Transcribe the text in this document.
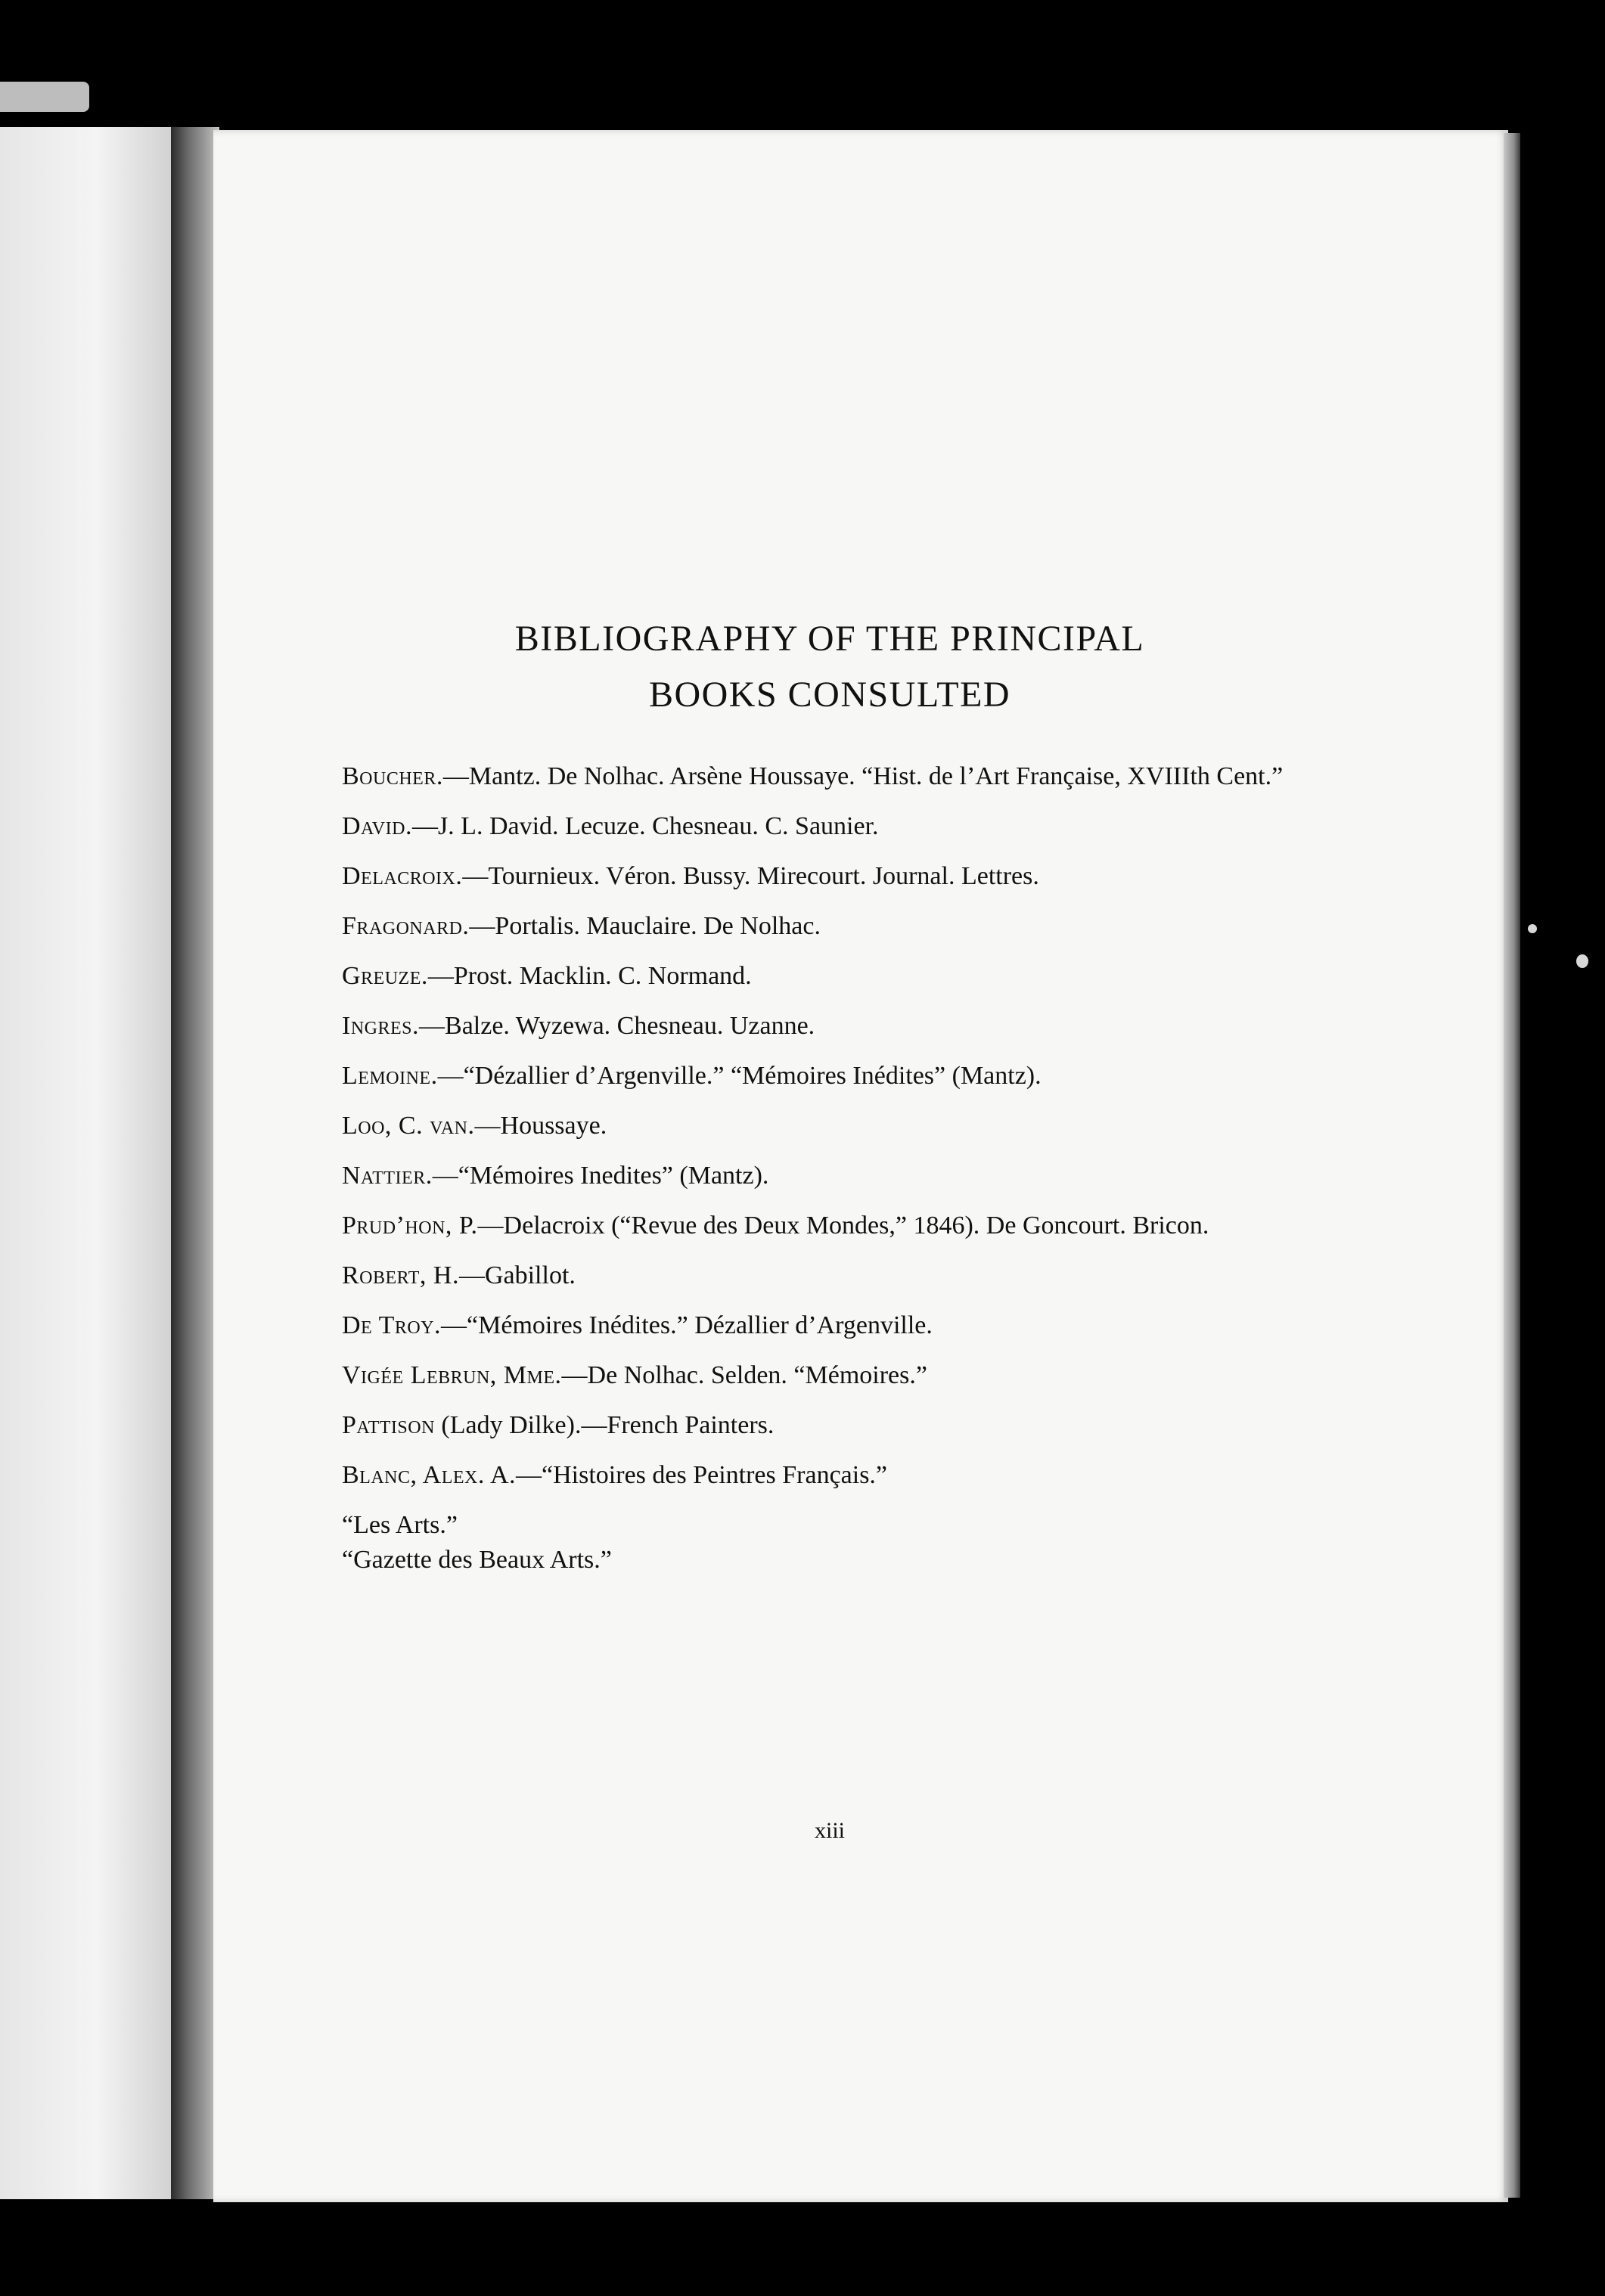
BIBLIOGRAPHY OF THE PRINCIPAL
BOOKS CONSULTED
Boucher.—Mantz. De Nolhac. Arsène Houssaye. “Hist. de l’Art Française, XVIIIth Cent.”
David.—J. L. David. Lecuze. Chesneau. C. Saunier.
Delacroix.—Tournieux. Véron. Bussy. Mirecourt. Journal. Lettres.
Fragonard.—Portalis. Mauclaire. De Nolhac.
Greuze.—Prost. Macklin. C. Normand.
Ingres.—Balze. Wyzewa. Chesneau. Uzanne.
Lemoine.—“Dézallier d’Argenville.” “Mémoires Inédites” (Mantz).
Loo, C. van.—Houssaye.
Nattier.—“Mémoires Inedites” (Mantz).
Prud’hon, P.—Delacroix (“Revue des Deux Mondes,” 1846). De Goncourt. Bricon.
Robert, H.—Gabillot.
De Troy.—“Mémoires Inédites.” Dézallier d’Argenville.
Vigée Lebrun, Mme.—De Nolhac. Selden. “Mémoires.”
Pattison (Lady Dilke).—French Painters.
Blanc, Alex. A.—“Histoires des Peintres Français.”

“Les Arts.”

“Gazette des Beaux Arts.”

xiii
